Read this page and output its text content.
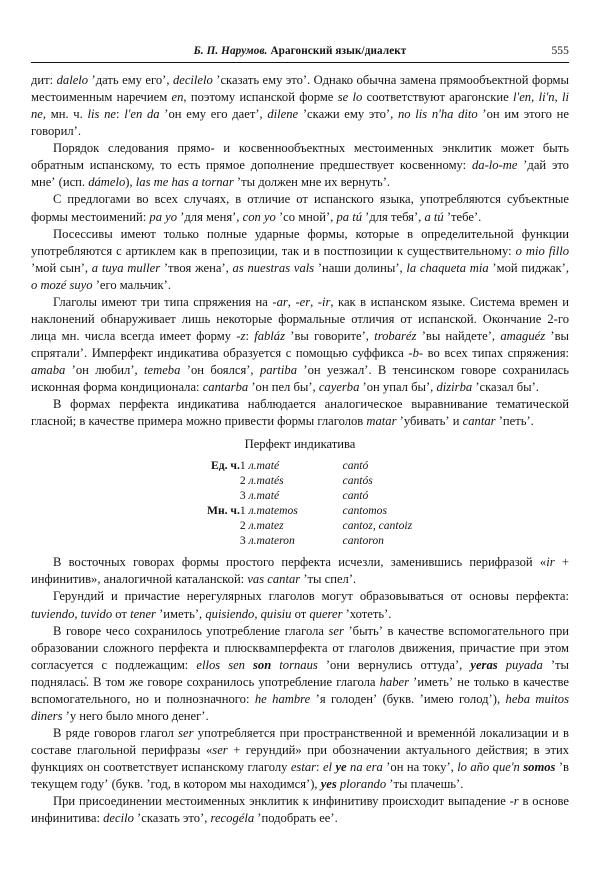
Б. П. Нарумов. Арагонский язык/диалект	555

дит: dalelo ʼдать ему егоʼ, decilelo ʼсказать ему этоʼ. Однако обычна замена прямообъектной формы местоименным наречием en, поэтому испанской форме se lo соответствуют арагонские l'en, li'n, li ne, мн. ч. lis ne: l'en da ʼон ему его даетʼ, dilene ʼскажи ему этоʼ, no lis n'ha dito ʼон им этого не говорилʼ.

Порядок следования прямо- и косвеннообъектных местоименных энклитик может быть обратным испанскому, то есть прямое дополнение предшествует косвенному: da-lo-me ʼдай это мнеʼ (исп. dámelo), las me has a tornar ʼты должен мне их вернутьʼ.

С предлогами во всех случаях, в отличие от испанского языка, употребляются субъектные формы местоимений: pa yo ʼдля меняʼ, con yo ʼсо мнойʼ, pa tú ʼдля тебяʼ, a tú ʼтебеʼ.

Посессивы имеют только полные ударные формы, которые в определительной функции употребляются с артиклем как в препозиции, так и в постпозиции к существительному: o mio fillo ʼмой сынʼ, a tuya muller ʼтвоя женаʼ, as nuestras vals ʼнаши долиныʼ, la chaqueta mia ʼмой пиджакʼ, o mozé suyo ʼего мальчикʼ.

Глаголы имеют три типа спряжения на -ar, -er, -ir, как в испанском языке. Система времен и наклонений обнаруживает лишь некоторые формальные отличия от испанской. Окончание 2-го лица мн. числа всегда имеет форму -z: fabláz ʼвы говоритеʼ, trobaréz ʼвы найдетеʼ, amaguéz ʼвы спряталиʼ. Имперфект индикатива образуется с помощью суффикса -b- во всех типах спряжения: amaba ʼон любилʼ, temeba ʼон боялсяʼ, partiba ʼон уезжалʼ. В тенсинском говоре сохранилась исконная форма кондиционала: cantarba ʼон пел быʼ, cayerba ʼон упал быʼ, dizirba ʼсказал быʼ.

В формах перфекта индикатива наблюдается аналогическое выравнивание тематической гласной; в качестве примера можно привести формы глаголов matar ʼубиватьʼ и cantar ʼпетьʼ.

Перфект индикатива
Ед. ч.	1 л.	maté	cantó
	2 л.	matés	cantós
	3 л.	maté	cantó
Мн. ч.	1 л.	matemos	cantomos
	2 л.	matez	cantoz, cantoiz
	3 л.	materon	cantoron

В восточных говорах формы простого перфекта исчезли, заменившись перифразой «ir + инфинитив», аналогичной каталанской: vas cantar ʼты спелʼ.

Герундий и причастие нерегулярных глаголов могут образовываться от основы перфекта: tuviendo, tuvido от tener ʼиметьʼ, quisiendo, quisiu от querer ʼхотетьʼ.

В говоре чесо сохранилось употребление глагола ser ʼбытьʼ в качестве вспомогательного при образовании сложного перфекта и плюсквамперфекта от глаголов движения, причастие при этом согласуется с подлежащим: ellos sen son tornaus ʼони вернулись оттудаʼ, yeras puyada ʼты поднялась̓. В том же говоре сохранилось употребление глагола haber ʼиметьʼ не только в качестве вспомогательного, но и полнозначного: he hambre ʼя голоденʼ (букв. ʼимею голодʼ), heba muitos diners ʼу него было много денегʼ.

В ряде говоров глагол ser употребляется при пространственной и временнóй локализации и в составе глагольной перифразы «ser + герундий» при обозначении актуального действия; в этих функциях он соответствует испанскому глаголу estar: el ye na era ʼон на токуʼ, lo año que'n somos ʼв текущем годуʼ (букв. ʼгод, в котором мы находимсяʼ), yes plorando ʼты плачешьʼ.

При присоединении местоименных энклитик к инфинитиву происходит выпадение -r в основе инфинитива: decilo ʼсказать этоʼ, recogéla ʼподобрать ееʼ.
